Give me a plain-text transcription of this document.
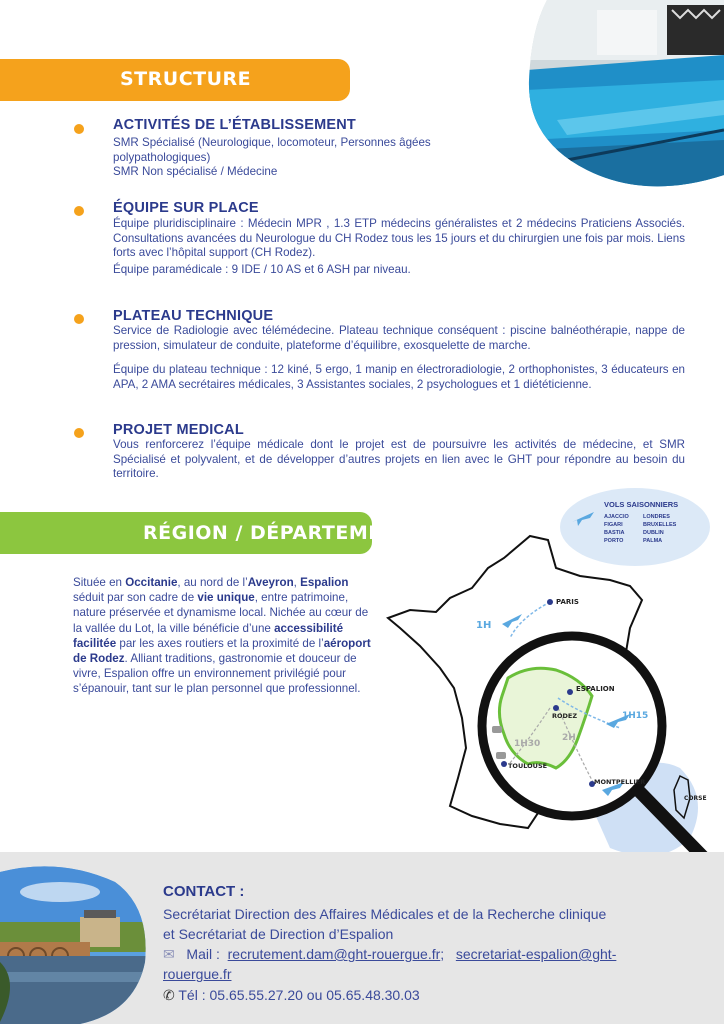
STRUCTURE
ACTIVITÉS DE L’ÉTABLISSEMENT
SMR Spécialisé (Neurologique, locomoteur, Personnes âgées
polypathologiques)
SMR Non spécialisé / Médecine
ÉQUIPE SUR PLACE

Équipe pluridisciplinaire : Médecin MPR , 1.3 ETP médecins généralistes et 2 médecins Praticiens Associés. Consultations avancées du Neurologue du CH Rodez tous les 15 jours et du chirurgien une fois par mois. Liens forts avec l’hôpital support (CH Rodez).

Équipe paramédicale : 9 IDE / 10 AS et 6 ASH par niveau.

PLATEAU TECHNIQUE

Service de Radiologie avec télémédecine. Plateau technique conséquent : piscine balnéothérapie, nappe de pression, simulateur de conduite, plateforme d’équilibre, exosquelette de marche.

Équipe du plateau technique : 12 kiné, 5 ergo, 1 manip en électroradiologie, 2 orthophonistes, 3 éducateurs en APA, 2 AMA secrétaires médicales, 3 Assistantes sociales, 2 psychologues et 1 diététicienne.

PROJET MEDICAL

Vous renforcerez l’équipe médicale dont le projet est de poursuivre les activités de médecine, et SMR Spécialisé et polyvalent, et de développer d’autres projets en lien avec le GHT pour répondre au besoin du territoire.

RÉGION / DÉPARTEMENT
Située en Occitanie, au nord de l’Aveyron, Espalion séduit par son cadre de vie unique, entre patrimoine, nature préservée et dynamisme local. Nichée au cœur de la vallée du Lot, la ville bénéficie d’une accessibilité facilitée par les axes routiers et la proximité de l’aéroport de Rodez. Alliant traditions, gastronomie et douceur de vivre, Espalion offre un environnement privilégié pour s’épanouir, tant sur le plan personnel que professionnel.
VOLS SAISONNIERS
AJACCIO
FIGARI
BASTIA
PORTO
LONDRES
BRUXELLES
DUBLIN
PALMA
PARIS
1H
ESPALION
RODEZ
TOULOUSE
MONTPELLIER
CORSE
1H15
1H30
2H
CONTACT :
Secrétariat Direction des Affaires Médicales et de la Recherche clinique
et Secrétariat de Direction d’Espalion
✉ Mail : recrutement.dam@ght-rouergue.fr; secretariat-espalion@ght-
rouergue.fr
✆ Tél : 05.65.55.27.20 ou 05.65.48.30.03
